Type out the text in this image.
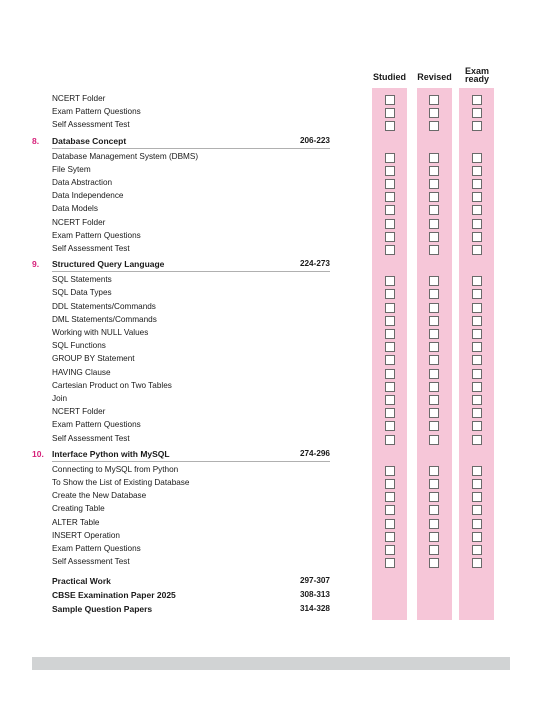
Studied	Revised
Exam
ready
NCERT Folder
Exam Pattern Questions
Self Assessment Test
8. Database Concept	206-223
Database Management System (DBMS)
File Sytem
Data Abstraction
Data Independence
Data Models
NCERT Folder
Exam Pattern Questions
Self Assessment Test
9. Structured Query Language	224-273
SQL Statements
SQL Data Types
DDL Statements/Commands
DML Statements/Commands
Working with NULL Values
SQL Functions
GROUP BY Statement
HAVING Clause
Cartesian Product on Two Tables
Join
NCERT Folder
Exam Pattern Questions
Self Assessment Test
10. Interface Python with MySQL	274-296
Connecting to MySQL from Python
To Show the List of Existing Database
Create the New Database
Creating Table
ALTER Table
INSERT Operation
Exam Pattern Questions
Self Assessment Test
Practical Work	297-307
CBSE Examination Paper 2025	308-313
Sample Question Papers	314-328
